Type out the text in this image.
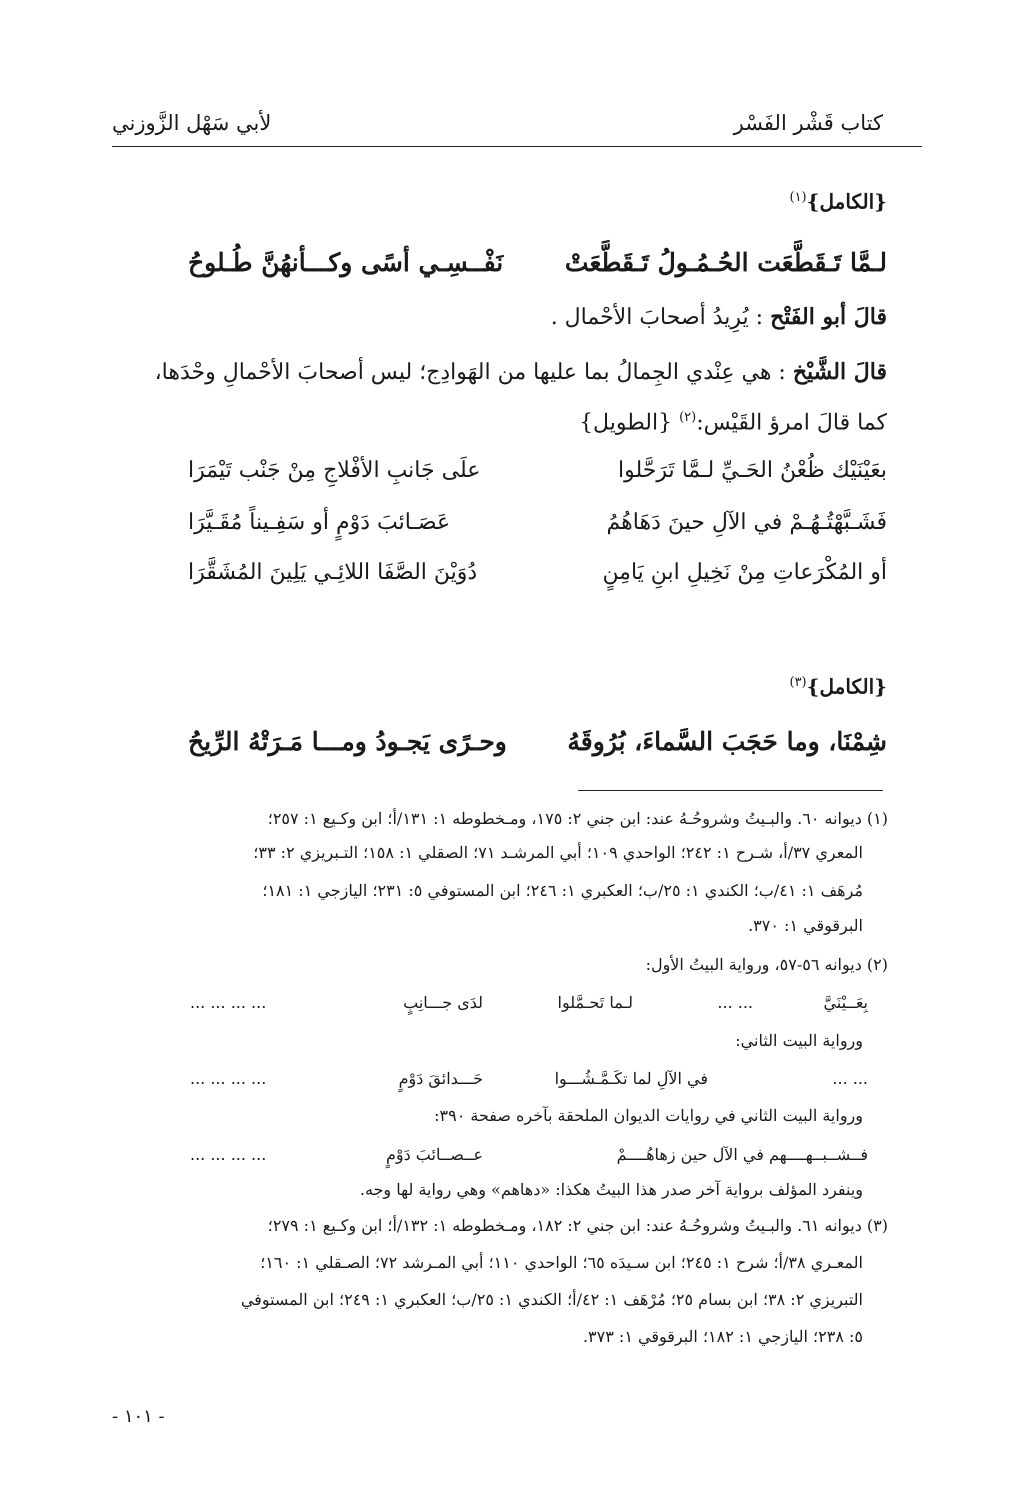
كتاب قَشْر الفَسْر
لأبي سَهْل الزَّوزني
{الكامل}$^{(١)}$
لـمَّا تَـقَطَّعَت الحُـمُـولُ تَـقَطَّعَتْ
نَفْــسِـي أسًى وكـــأنهُنَّ طُـلوحُ
قالَ أبو الفَتْح : يُرِيدُ أصحابَ الأحْمال .
قالَ الشَّيْخ : هي عِنْدي الجِمالُ بما عليها من الهَوادِج؛ ليس أصحابَ الأحْمالِ وحْدَها،
كما قالَ امرؤ القَيْس:$^{(٢)}$ {الطويل}
بعَيْنَيْك ظُعْنُ الحَـيِّ لـمَّا تَرَحَّلوا
علَى جَانبِ الأفْلاجِ مِنْ جَنْب تَيْمَرَا
فَشَـبَّهْتُـهُـمْ في الآلِ حينَ دَهَاهُمُ
عَصَـائبَ دَوْمٍ أو سَفِـيناً مُقَـيَّرَا
أو المُكْرَعاتِ مِنْ نَخِيلِ ابنِ يَامِنٍ
دُوَيْنَ الصَّفَا اللائِـي يَلِينَ المُشَقَّرَا
{الكامل}$^{(٣)}$
شِمْنَا، وما حَجَبَ السَّماءَ، بُرُوقَهُ
وحـرًى يَجـودُ ومـــا مَـرَتْهُ الرِّيحُ
(١) ديوانه ٦٠. والبـيتُ وشروحُـهُ عند: ابن جني ٢: ١٧٥، ومـخطوطه ١: ١٣١/أ؛ ابن وكـيع ١: ٢٥٧؛
المعري ٣٧/أ، شـرح ١: ٢٤٢؛ الواحدي ١٠٩؛ أبي المرشـد ٧١؛ الصقلي ١: ١٥٨؛ التـبريزي ٢: ٣٣؛
مُرهَف ١: ٤١/ب؛ الكندي ١: ٢٥/ب؛ العكبري ١: ٢٤٦؛ ابن المستوفي ٥: ٢٣١؛ اليازجي ١: ١٨١؛
البرقوقي ١: ٣٧٠.
(٢) ديوانه ٥٦-٥٧، ورواية البيتُ الأول:
بِعَــيْنَيَّ
... ...
لـما تَحـمَّلوا
لدَى جـــانِبٍ
... ... ... ...
ورواية البيت الثاني:
... ...
في الآلِ لما تكَـمَّـشُـــوا
حَـــدائقَ دَوْمٍ
... ... ... ...
ورواية البيت الثاني في روايات الديوان الملحقة بآخره صفحة ٣٩٠:
فــشــبــهــــهم في الآل حين زهاهُــــمْ
عــصــائبَ دَوْمٍ
... ... ... ...
وينفرد المؤلف برواية آخر صدر هذا البيتُ هكذا: «دهاهم» وهي رواية لها وجه.
(٣) ديوانه ٦١. والبـيتُ وشروحُـهُ عند: ابن جني ٢: ١٨٢، ومـخطوطه ١: ١٣٢/أ؛ ابن وكـيع ١: ٢٧٩؛
المعـري ٣٨/أ؛ شرح ١: ٢٤٥؛ ابن سـيدَه ٦٥؛ الواحدي ١١٠؛ أبي المـرشد ٧٢؛ الصـقلي ١: ١٦٠؛
التبريزي ٢: ٣٨؛ ابن بسام ٢٥؛ مُرْهَف ١: ٤٢/أ؛ الكندي ١: ٢٥/ب؛ العكبري ١: ٢٤٩؛ ابن المستوفي
٥: ٢٣٨؛ اليازجي ١: ١٨٢؛ البرقوقي ١: ٣٧٣.
- ١٠١ -
